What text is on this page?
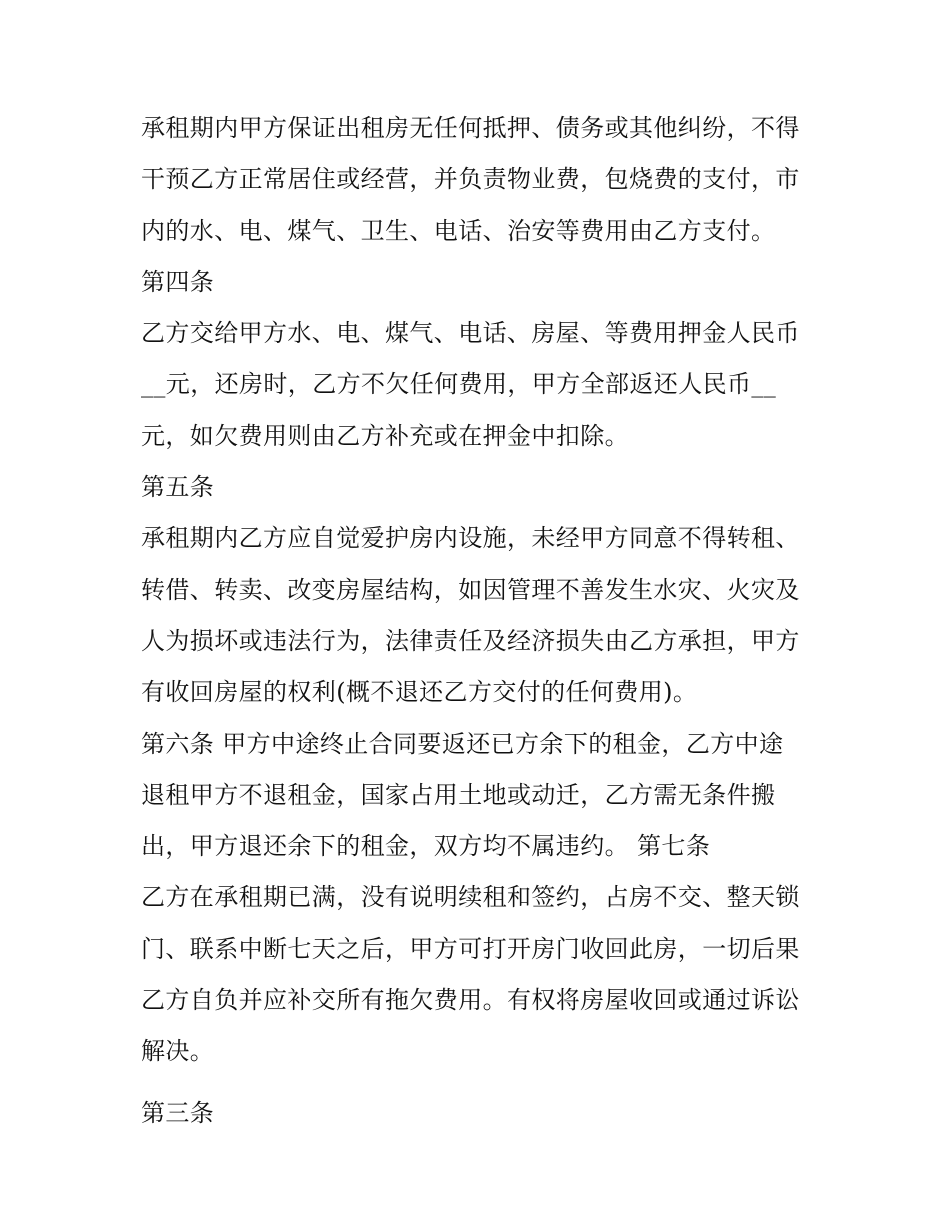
承租期内甲方保证出租房无任何抵押、债务或其他纠纷，不得
干预乙方正常居住或经营，并负责物业费，包烧费的支付，市
内的水、电、煤气、卫生、电话、治安等费用由乙方支付。
第四条
乙方交给甲方水、电、煤气、电话、房屋、等费用押金人民币
__元，还房时，乙方不欠任何费用，甲方全部返还人民币__
元，如欠费用则由乙方补充或在押金中扣除。
第五条
承租期内乙方应自觉爱护房内设施，未经甲方同意不得转租、
转借、转卖、改变房屋结构，如因管理不善发生水灾、火灾及
人为损坏或违法行为，法律责任及经济损失由乙方承担，甲方
有收回房屋的权利(概不退还乙方交付的任何费用)。
第六条 甲方中途终止合同要返还已方余下的租金，乙方中途
退租甲方不退租金，国家占用土地或动迁，乙方需无条件搬
出，甲方退还余下的租金，双方均不属违约。 第七条
乙方在承租期已满，没有说明续租和签约，占房不交、整天锁
门、联系中断七天之后，甲方可打开房门收回此房，一切后果
乙方自负并应补交所有拖欠费用。有权将房屋收回或通过诉讼
解决。
第三条
